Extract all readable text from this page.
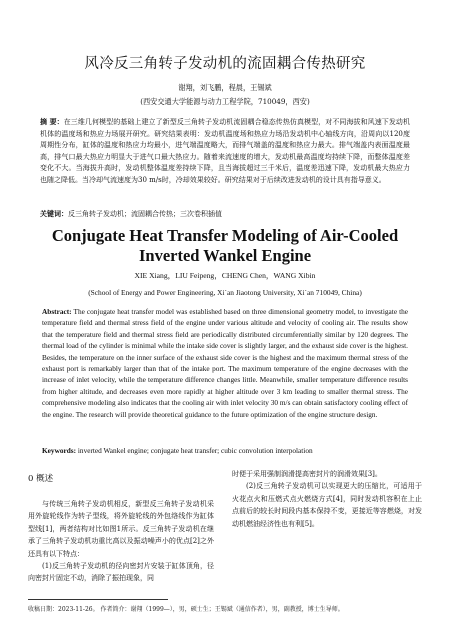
风冷反三角转子发动机的流固耦合传热研究
谢翔，刘飞鹏，程晨，王锡斌
(西安交通大学能源与动力工程学院，710049，西安)

摘 要：在三维几何模型的基础上建立了新型反三角转子发动机流固耦合稳态传热仿真模型，对不同海拔和风速下发动机机体的温度场和热应力场展开研究。研究结果表明：发动机温度场和热应力场沿发动机中心轴线方向，沿周向以120度周期性分布，缸体的温度和热应力均最小，进气端温度略大，而排气端盖的温度和热应力最大。排气端盖内表面温度最高，排气口最大热应力明显大于进气口最大热应力。随着来流速度的增大，发动机最高温度均持续下降，而整体温度差变化不大。当海拔升高时，发动机整体温度差持续下降，且当海拔超过三千米后，温度差迅速下降，发动机最大热应力也随之降低。当冷却气流速度为30 m/s时，冷却效果较好。研究结果对于后续改进发动机的设计具有指导意义。

关键词：反三角转子发动机；流固耦合传热；三次卷积插值

Conjugate Heat Transfer Modeling of Air-Cooled
Inverted Wankel Engine
XIE Xiang，LIU Feipeng，CHENG Chen，WANG Xibin
(School of Energy and Power Engineering, Xi`an Jiaotong University, Xi`an 710049, China)

Abstract: The conjugate heat transfer model was established based on three dimensional geometry model, to investigate the temperature field and thermal stress field of the engine under various altitude and velocity of cooling air. The results show that the temperature field and thermal stress field are periodically distributed circumferentially similar by 120 degrees. The thermal load of the cylinder is minimal while the intake side cover is slightly larger, and the exhaust side cover is the highest. Besides, the temperature on the inner surface of the exhaust side cover is the highest and the maximum thermal stress of the exhaust port is remarkably larger than that of the intake port. The maximum temperature of the engine decreases with the increase of inlet velocity, while the temperature difference changes little. Meanwhile, smaller temperature difference results from higher altitude, and decreases even more rapidly at higher altitude over 3 km leading to smaller thermal stress. The comprehensive modeling also indicates that the cooling air with inlet velocity 30 m/s can obtain satisfactory cooling effect of the engine. The research will provide theoretical guidance to the future optimization of the engine structure design.

Keywords: inverted Wankel engine; conjugate heat transfer; cubic convolution interpolation

0 概述

与传统三角转子发动机相反，新型反三角转子发动机采用外旋轮线作为转子型线，将外旋轮线的外包络线作为缸体型线[1]，两者结构对比如图1所示。反三角转子发动机在继承了三角转子发动机功重比高以及振动噪声小的优点[2]之外还具有以下特点：

(1)反三角转子发动机的径向密封片安装于缸体顶角，径向密封片固定不动，消除了振拍现象，同

时便于采用强制润滑提高密封片的润滑效果[3]。

(2)反三角转子发动机可以实现更大的压缩比，可适用于火花点火和压燃式点火燃烧方式[4]，同时发动机容积在上止点前后的较长时间段内基本保持不变，更接近等容燃烧，对发动机燃油经济性也有利[5]。

收稿日期：2023-11-26。 作者简介：谢翔（1999—），男，硕士生；王锡斌（通信作者），男，副教授，博士生导师。
